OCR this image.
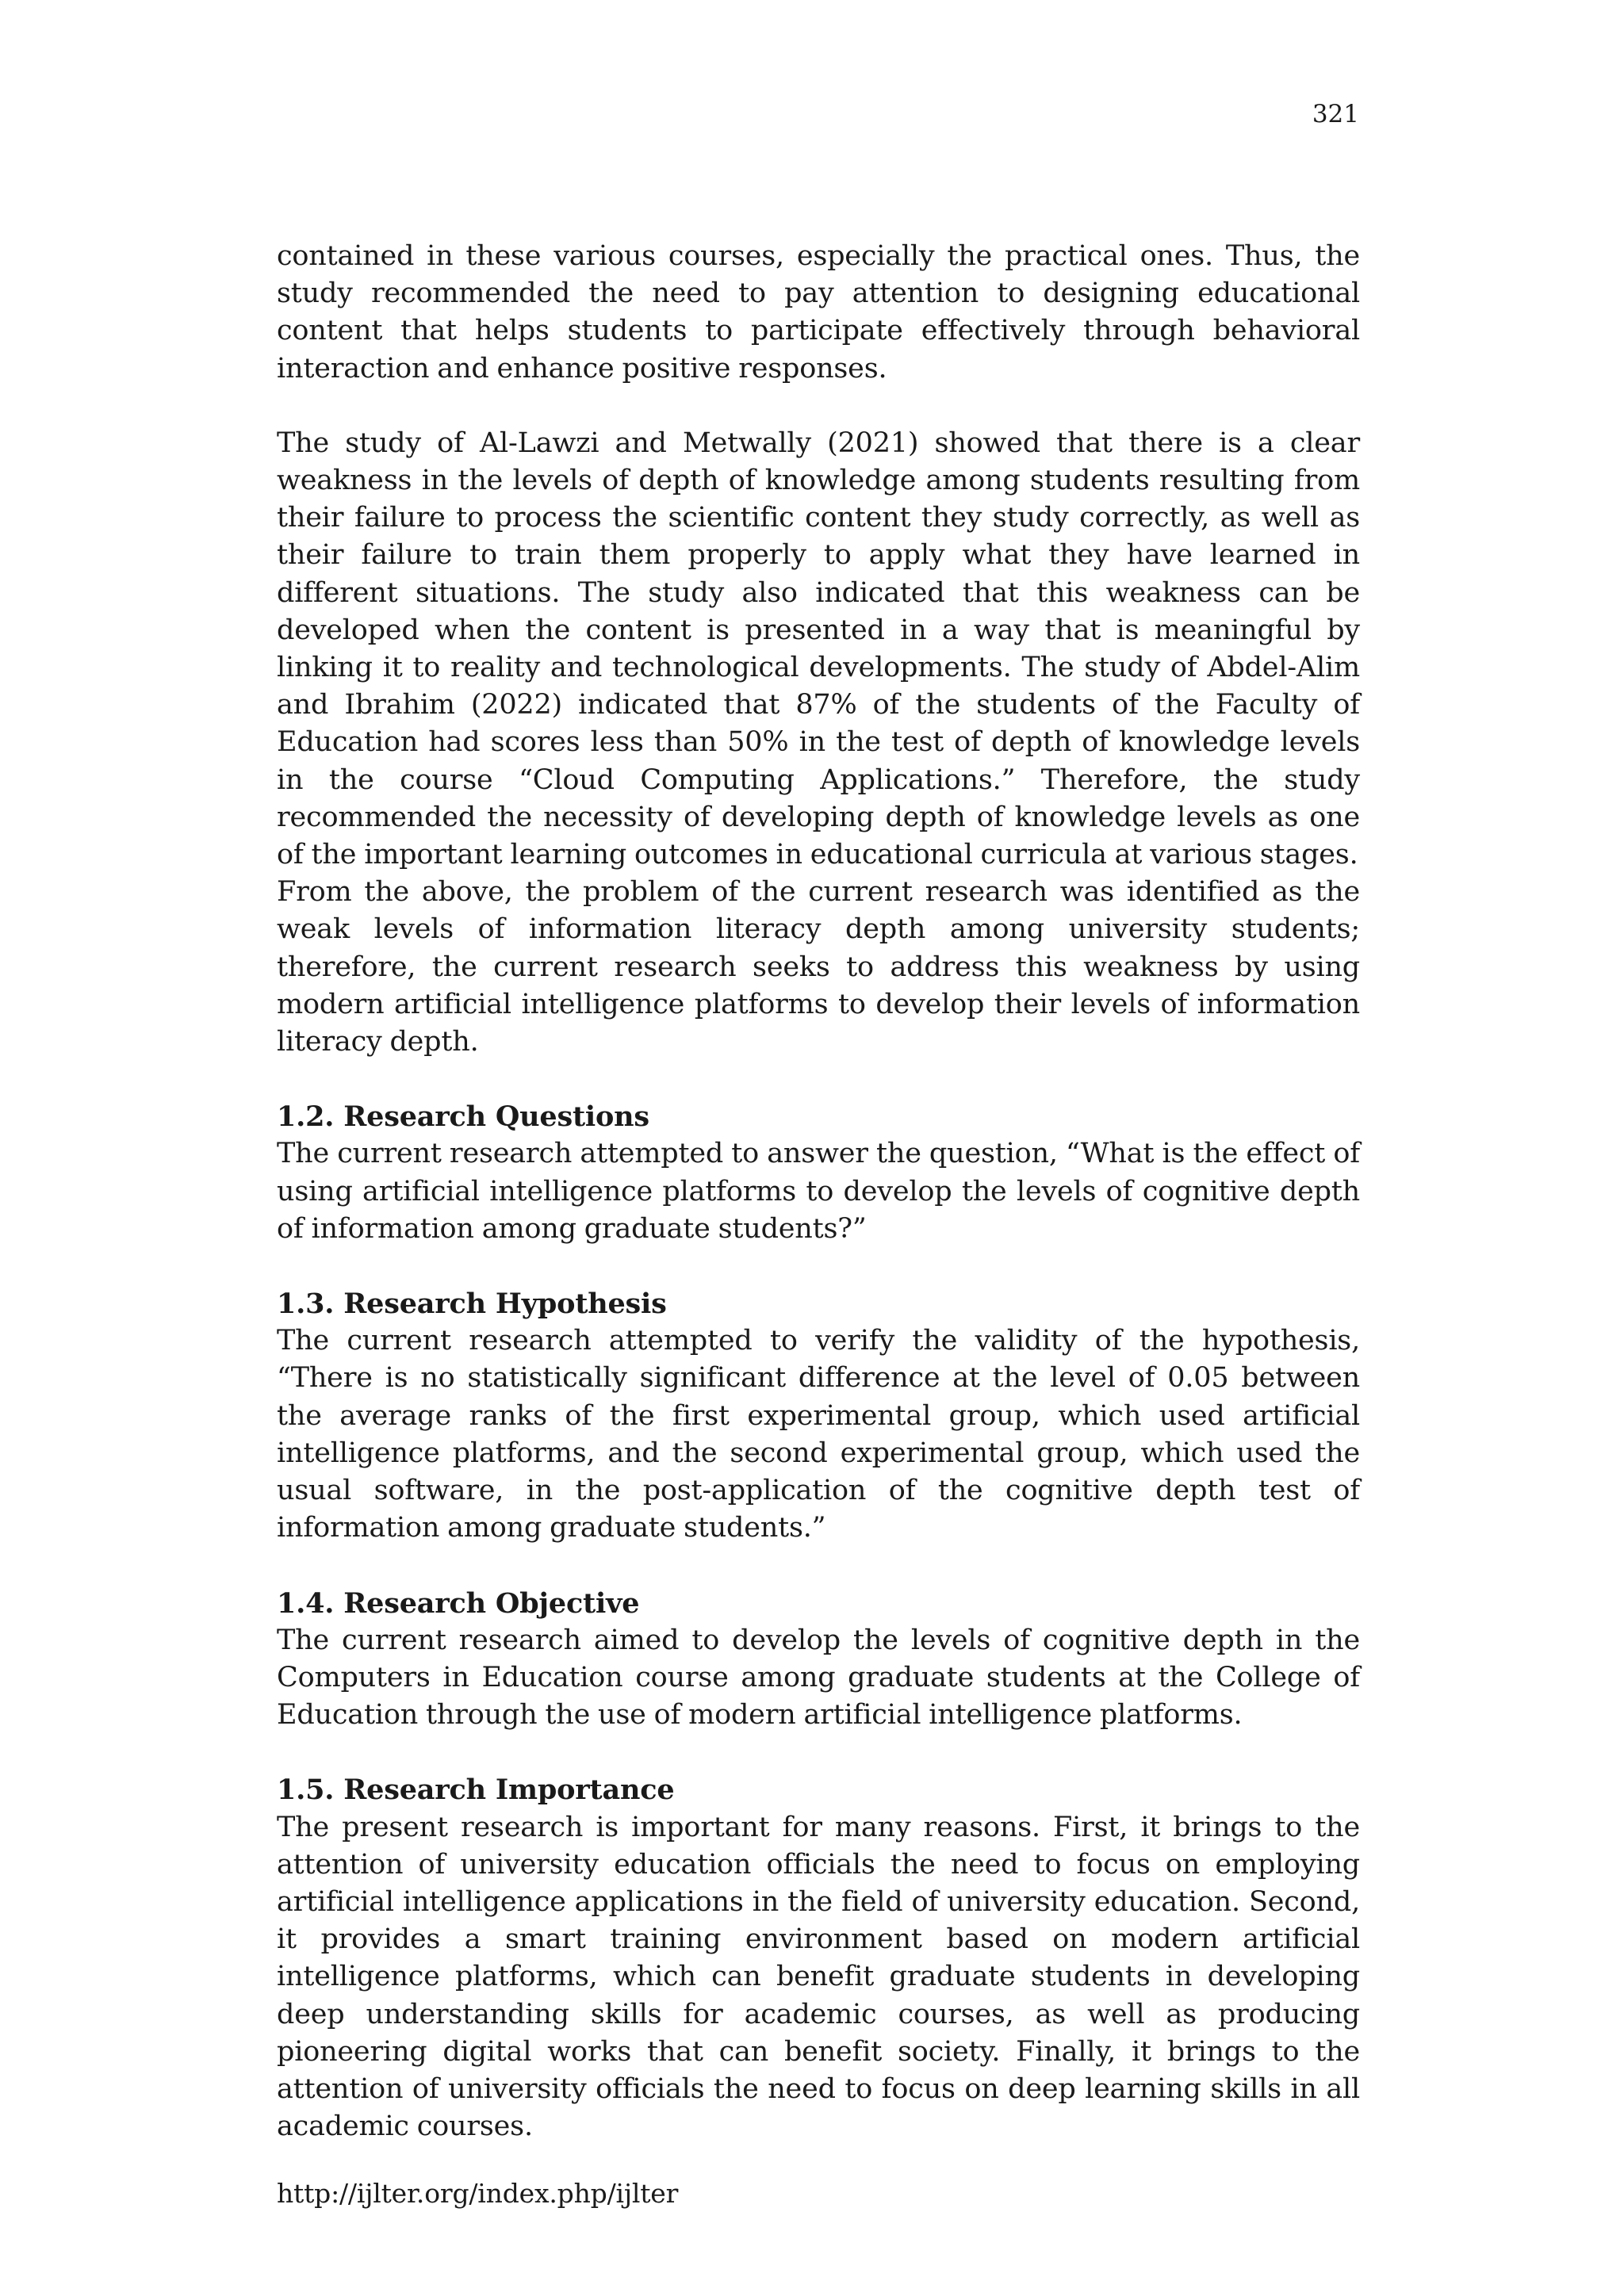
321

contained in these various courses, especially the practical ones. Thus, the study recommended the need to pay attention to designing educational content that helps students to participate effectively through behavioral interaction and enhance positive responses.

The study of Al-Lawzi and Metwally (2021) showed that there is a clear weakness in the levels of depth of knowledge among students resulting from their failure to process the scientific content they study correctly, as well as their failure to train them properly to apply what they have learned in different situations. The study also indicated that this weakness can be developed when the content is presented in a way that is meaningful by linking it to reality and technological developments. The study of Abdel-Alim and Ibrahim (2022) indicated that 87% of the students of the Faculty of Education had scores less than 50% in the test of depth of knowledge levels in the course “Cloud Computing Applications.” Therefore, the study recommended the necessity of developing depth of knowledge levels as one of the important learning outcomes in educational curricula at various stages.

From the above, the problem of the current research was identified as the weak levels of information literacy depth among university students; therefore, the current research seeks to address this weakness by using modern artificial intelligence platforms to develop their levels of information literacy depth.

1.2. Research Questions

The current research attempted to answer the question, “What is the effect of using artificial intelligence platforms to develop the levels of cognitive depth of information among graduate students?”

1.3. Research Hypothesis

The current research attempted to verify the validity of the hypothesis, “There is no statistically significant difference at the level of 0.05 between the average ranks of the first experimental group, which used artificial intelligence platforms, and the second experimental group, which used the usual software, in the post-application of the cognitive depth test of information among graduate students.”

1.4. Research Objective

The current research aimed to develop the levels of cognitive depth in the Computers in Education course among graduate students at the College of Education through the use of modern artificial intelligence platforms.

1.5. Research Importance

The present research is important for many reasons. First, it brings to the attention of university education officials the need to focus on employing artificial intelligence applications in the field of university education. Second, it provides a smart training environment based on modern artificial intelligence platforms, which can benefit graduate students in developing deep understanding skills for academic courses, as well as producing pioneering digital works that can benefit society. Finally, it brings to the attention of university officials the need to focus on deep learning skills in all academic courses.

http://ijlter.org/index.php/ijlter
